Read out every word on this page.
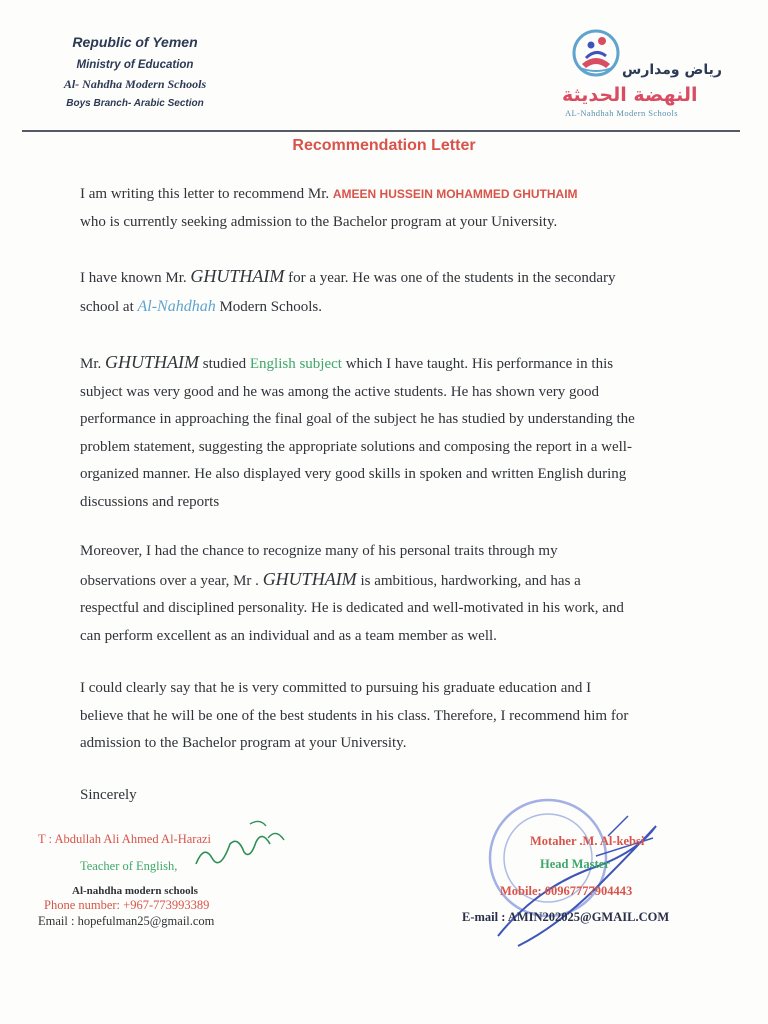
Republic of Yemen
Ministry of Education
Al- Nahdha Modern Schools
Boys Branch- Arabic Section
رياض ومدارس
النهضة الحديثة
AL-Nahdhah Modern Schools
Recommendation Letter
I am writing this letter to recommend Mr. AMEEN HUSSEIN MOHAMMED GHUTHAIM
who is currently seeking admission to the Bachelor program at your University.
I have known Mr. GHUTHAIM for a year. He was one of the students in the secondary
school at Al-Nahdhah Modern Schools.
Mr. GHUTHAIM studied English subject which I have taught. His performance in this
subject was very good and he was among the active students. He has shown very good
performance in approaching the final goal of the subject he has studied by understanding the
problem statement, suggesting the appropriate solutions and composing the report in a well-
organized manner. He also displayed very good skills in spoken and written English during
discussions and reports
Moreover, I had the chance to recognize many of his personal traits through my
observations over a year, Mr . GHUTHAIM is ambitious, hardworking, and has a
respectful and disciplined personality. He is dedicated and well-motivated in his work, and
can perform excellent as an individual and as a team member as well.
I could clearly say that he is very committed to pursuing his graduate education and I
believe that he will be one of the best students in his class. Therefore, I recommend him for
admission to the Bachelor program at your University.
Sincerely
T : Abdullah Ali Ahmed Al-Harazi
Teacher of English,
Al-nahdha modern schools
Phone number: +967-773993389
Email : hopefulman25@gmail.com
Motaher .M. Al-kebsi
Head Master
Mobile: 00967777904443
E-mail : AMIN202025@GMAIL.COM
